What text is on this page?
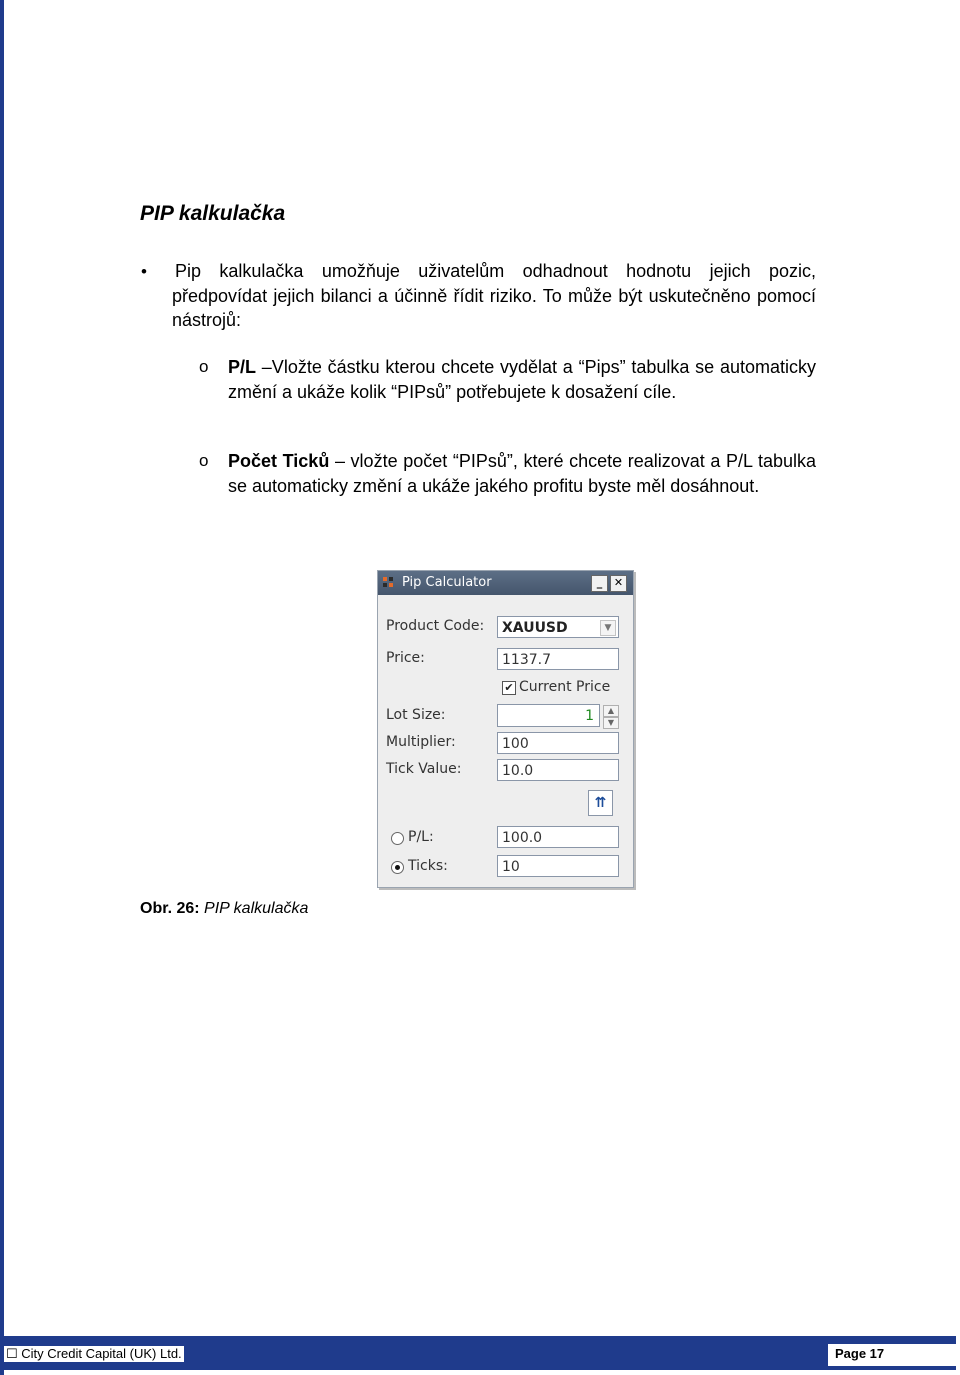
PIP kalkulačka
• Pip kalkulačka umožňuje uživatelům odhadnout hodnotu jejich pozic, předpovídat jejich bilanci a účinně řídit riziko. To může být uskutečněno pomocí nástrojů:
o P/L –Vložte částku kterou chcete vydělat a “Pips” tabulka se automaticky změní a ukáže kolik “PIPsů” potřebujete k dosažení cíle.
o Počet Ticků – vložte počet “PIPsů”, které chcete realizovat a P/L tabulka se automaticky změní a ukáže jakého profitu byste měl dosáhnout.
Pip Calculator	_	✕
Product Code:	XAUUSD	▼
Price:	1137.7
✔ Current Price
Lot Size:	1	▲
▼
Multiplier:	100
Tick Value:	10.0
⇈
P/L:	100.0
Ticks:	10
Obr. 26: PIP kalkulačka
☐ City Credit Capital (UK) Ltd.	Page 17
